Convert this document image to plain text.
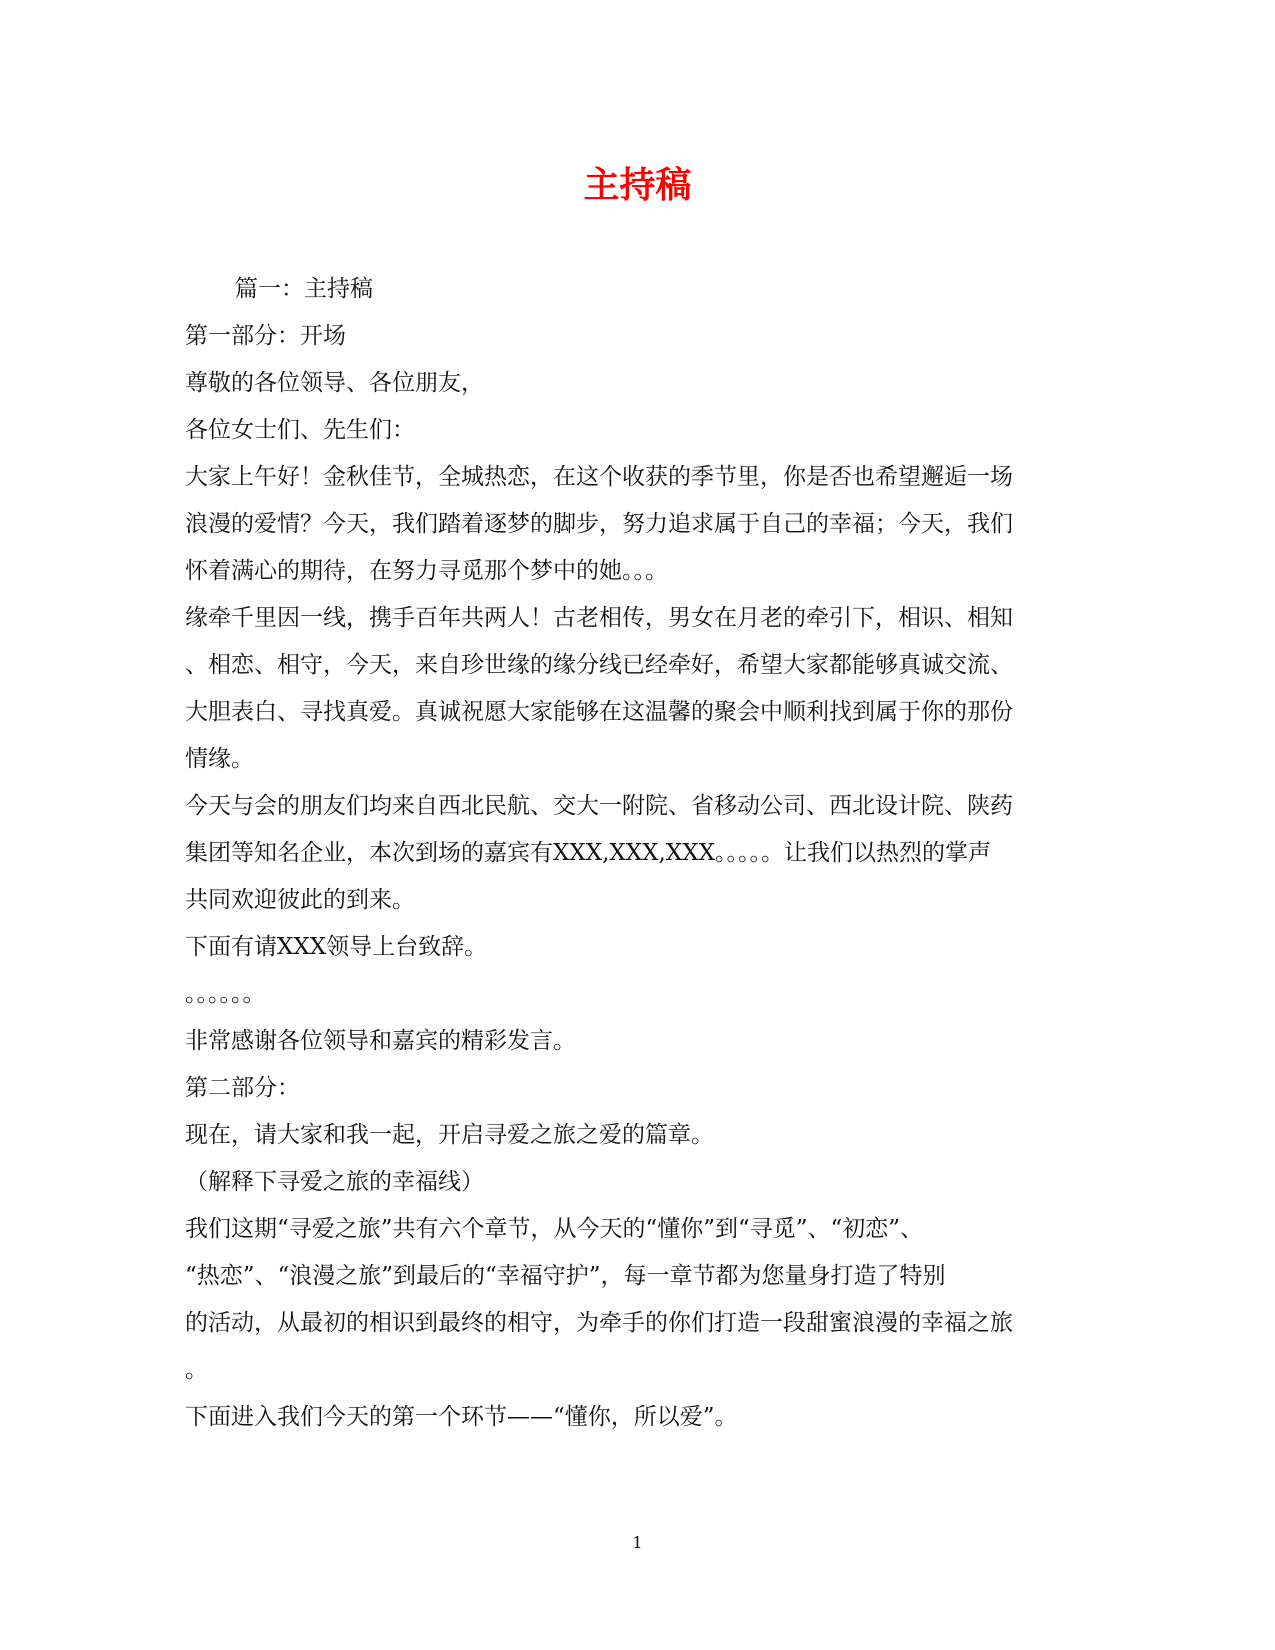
主持稿

篇一：主持稿

第一部分：开场

尊敬的各位领导、各位朋友，

各位女士们、先生们：

大家上午好！金秋佳节，全城热恋，在这个收获的季节里，你是否也希望邂逅一场

浪漫的爱情？今天，我们踏着逐梦的脚步，努力追求属于自己的幸福；今天，我们

怀着满心的期待，在努力寻觅那个梦中的她。。。

缘牵千里因一线，携手百年共两人！古老相传，男女在月老的牵引下，相识、相知

、相恋、相守，今天，来自珍世缘的缘分线已经牵好，希望大家都能够真诚交流、

大胆表白、寻找真爱。真诚祝愿大家能够在这温馨的聚会中顺利找到属于你的那份

情缘。

今天与会的朋友们均来自西北民航、交大一附院、省移动公司、西北设计院、陕药

集团等知名企业，本次到场的嘉宾有XXX,XXX,XXX。。。。。让我们以热烈的掌声

共同欢迎彼此的到来。

下面有请XXX领导上台致辞。

。。。。。。

非常感谢各位领导和嘉宾的精彩发言。

第二部分：

现在，请大家和我一起，开启寻爱之旅之爱的篇章。

（解释下寻爱之旅的幸福线）

我们这期“寻爱之旅”共有六个章节，从今天的“懂你”到“寻觅”、“初恋”、

“热恋”、“浪漫之旅”到最后的“幸福守护”，每一章节都为您量身打造了特别

的活动，从最初的相识到最终的相守，为牵手的你们打造一段甜蜜浪漫的幸福之旅

。

下面进入我们今天的第一个环节——“懂你，所以爱”。

1
